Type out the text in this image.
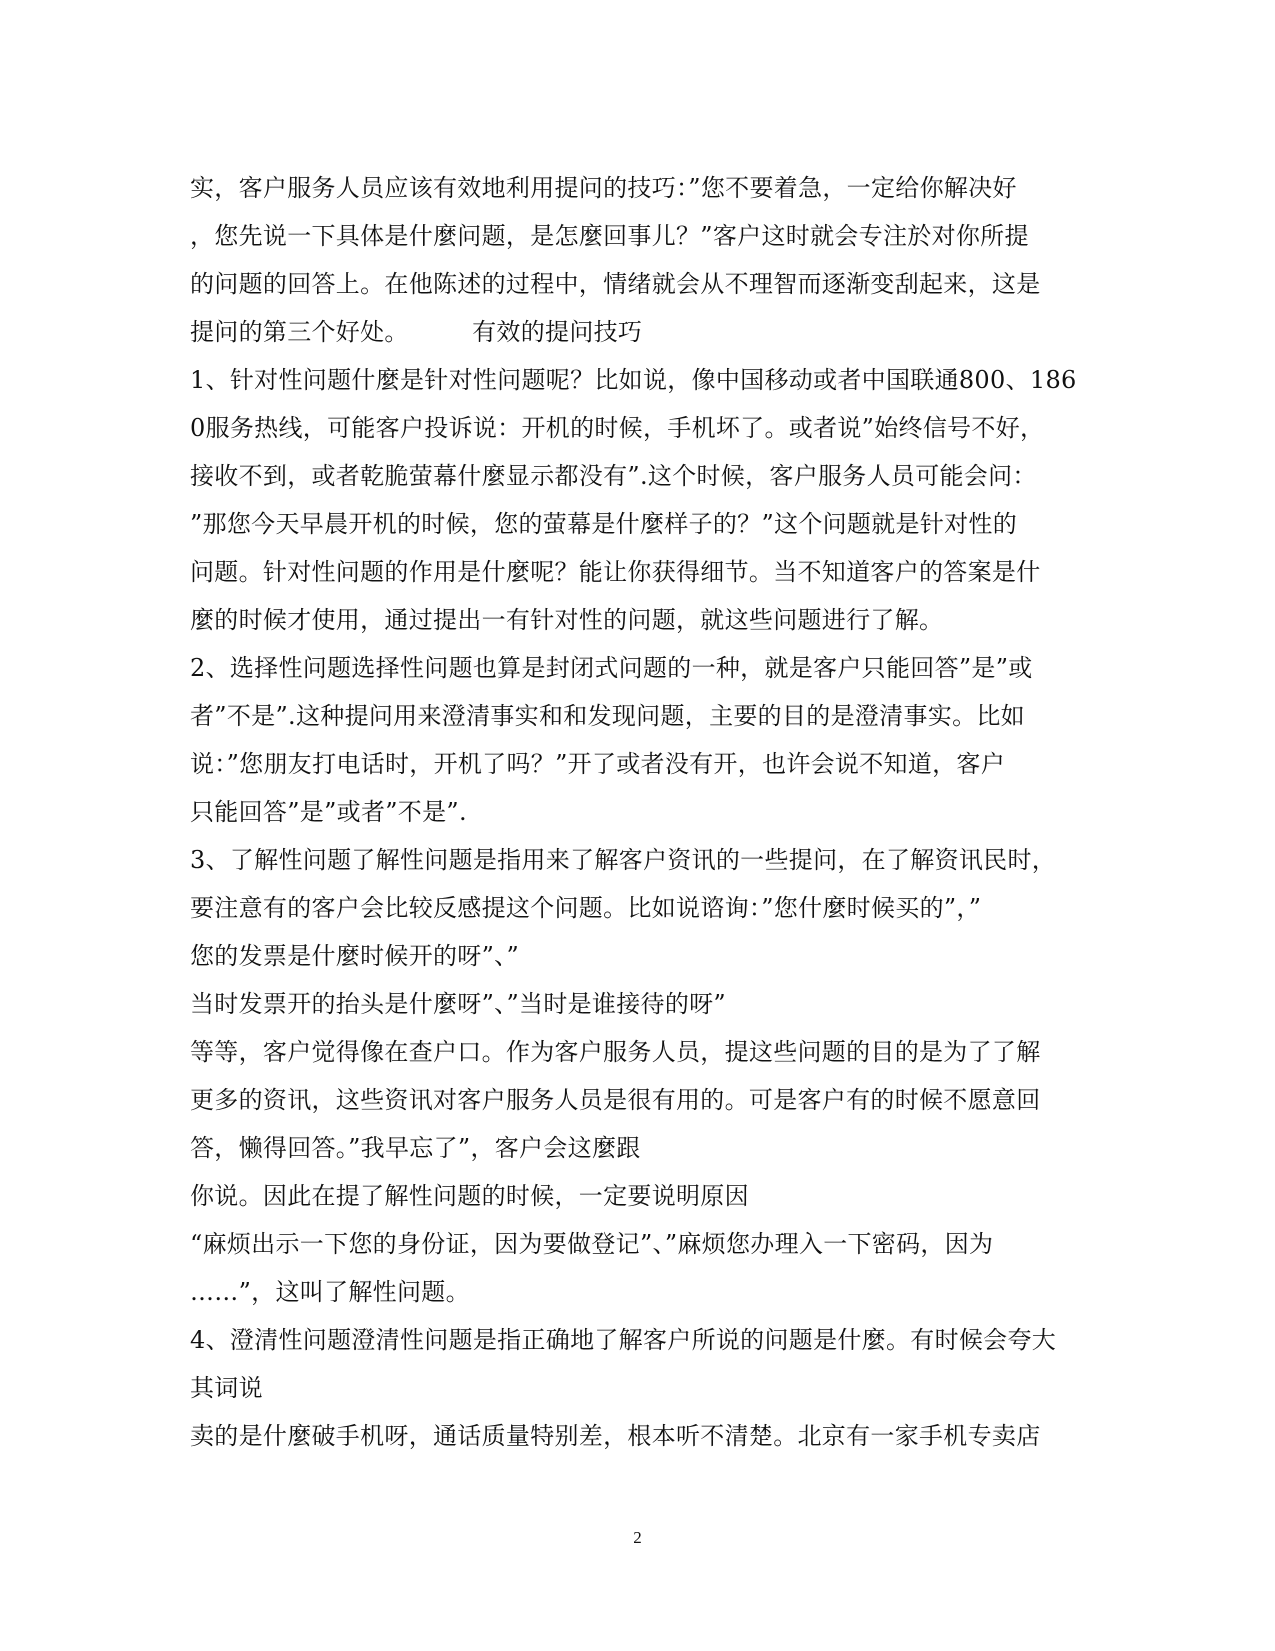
实，客户服务人员应该有效地利用提问的技巧：”您不要着急，一定给你解决好
，您先说一下具体是什麼问题，是怎麼回事儿？”客户这时就会专注於对你所提
的问题的回答上。在他陈述的过程中，情绪就会从不理智而逐渐变刮起来，这是
提问的第三个好处。        有效的提问技巧
1、针对性问题什麼是针对性问题呢？比如说，像中国移动或者中国联通800、186
0服务热线，可能客户投诉说：开机的时候，手机坏了。或者说”始终信号不好，
接收不到，或者乾脆萤幕什麼显示都没有”.这个时候，客户服务人员可能会问：
”那您今天早晨开机的时候，您的萤幕是什麼样子的？”这个问题就是针对性的
问题。针对性问题的作用是什麼呢？能让你获得细节。当不知道客户的答案是什
麼的时候才使用，通过提出一有针对性的问题，就这些问题进行了解。
2、选择性问题选择性问题也算是封闭式问题的一种，就是客户只能回答”是”或
者”不是”.这种提问用来澄清事实和和发现问题，主要的目的是澄清事实。比如
说：”您朋友打电话时，开机了吗？”开了或者没有开，也许会说不知道，客户
只能回答”是”或者”不是”.
3、了解性问题了解性问题是指用来了解客户资讯的一些提问，在了解资讯民时，
要注意有的客户会比较反感提这个问题。比如说谘询：”您什麼时候买的”，”
您的发票是什麼时候开的呀”、”
当时发票开的抬头是什麼呀”、”当时是谁接待的呀”
等等，客户觉得像在查户口。作为客户服务人员，提这些问题的目的是为了了解
更多的资讯，这些资讯对客户服务人员是很有用的。可是客户有的时候不愿意回
答，懒得回答。”我早忘了”，客户会这麼跟
你说。因此在提了解性问题的时候，一定要说明原因
“麻烦出示一下您的身份证，因为要做登记”、”麻烦您办理入一下密码，因为
……”，这叫了解性问题。
4、澄清性问题澄清性问题是指正确地了解客户所说的问题是什麼。有时候会夸大
其词说
卖的是什麼破手机呀，通话质量特别差，根本听不清楚。北京有一家手机专卖店
2
